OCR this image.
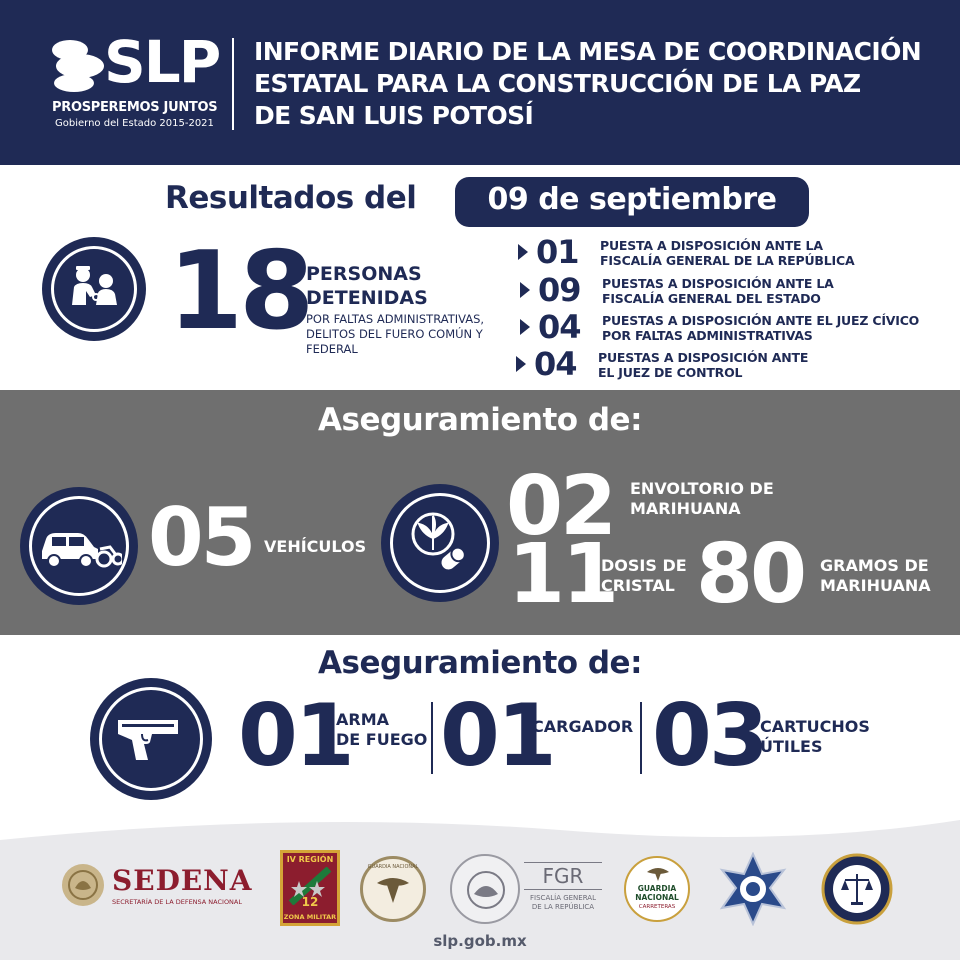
SLP
PROSPEREMOS JUNTOS
Gobierno del Estado 2015-2021
INFORME DIARIO DE LA MESA DE COORDINACIÓN
ESTATAL PARA LA CONSTRUCCIÓN DE LA PAZ
DE SAN LUIS POTOSÍ
Resultados del	09 de septiembre
18
PERSONAS DETENIDAS
POR FALTAS ADMINISTRATIVAS, DELITOS DEL FUERO COMÚN Y FEDERAL
01 PUESTA A DISPOSICIÓN ANTE LA
FISCALÍA GENERAL DE LA REPÚBLICA
09 PUESTAS A DISPOSICIÓN ANTE LA
FISCALÍA GENERAL DEL ESTADO
04 PUESTAS A DISPOSICIÓN ANTE EL JUEZ CÍVICO
POR FALTAS ADMINISTRATIVAS
04 PUESTAS A DISPOSICIÓN ANTE
EL JUEZ DE CONTROL
Aseguramiento de:
05 VEHÍCULOS 02 ENVOLTORIO DE
MARIHUANA
11
DOSIS DE
CRISTAL 80 GRAMOS DE
MARIHUANA
Aseguramiento de:
01
ARMA
DE FUEGO 01
CARGADOR 03
CARTUCHOS
ÚTILES
SEDENA
SECRETARÍA DE LA DEFENSA NACIONAL
IV REGIÓN
12
ZONA MILITAR
GUARDIA NACIONAL	FGR
FISCALÍA GENERAL
DE LA REPÚBLICA
GUARDIA
NACIONAL
CARRETERAS
slp.gob.mx
